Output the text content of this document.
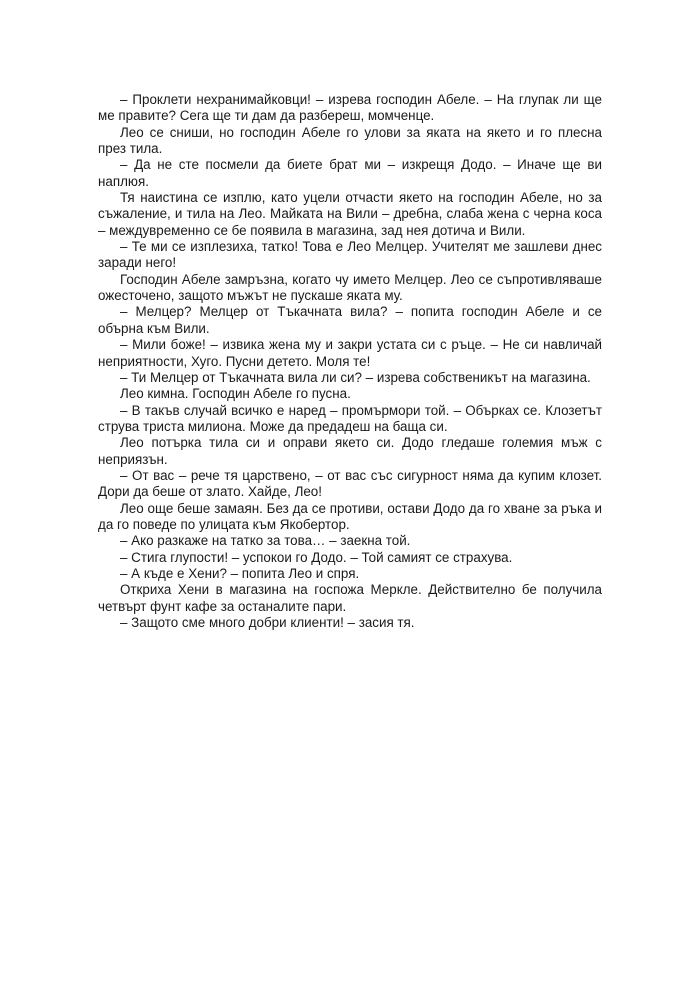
– Проклети нехранимайковци! – изрева господин Абеле. – На глупак ли ще ме правите? Сега ще ти дам да разбереш, момченце.

Лео се сниши, но господин Абеле го улови за яката на якето и го плесна през тила.

– Да не сте посмели да биете брат ми – изкрещя Додо. – Иначе ще ви наплюя.

Тя наистина се изплю, като уцели отчасти якето на господин Абеле, но за съжаление, и тила на Лео. Майката на Вили – дребна, слаба жена с черна коса – междувременно се бе появила в магазина, зад нея дотича и Вили.

– Те ми се изплезиха, татко! Това е Лео Мелцер. Учителят ме зашлеви днес заради него!

Господин Абеле замръзна, когато чу името Мелцер. Лео се съпротивляваше ожесточено, защото мъжът не пускаше яката му.

– Мелцер? Мелцер от Тъкачната вила? – попита господин Абеле и се обърна към Вили.

– Мили боже! – извика жена му и закри устата си с ръце. – Не си навличай неприятности, Хуго. Пусни детето. Моля те!

– Ти Мелцер от Тъкачната вила ли си? – изрева собственикът на магазина.

Лео кимна. Господин Абеле го пусна.

– В такъв случай всичко е наред – промърмори той. – Обърках се. Клозетът струва триста милиона. Може да предадеш на баща си.

Лео потърка тила си и оправи якето си. Додо гледаше големия мъж с неприязън.

– От вас – рече тя царствено, – от вас със сигурност няма да купим клозет. Дори да беше от злато. Хайде, Лео!

Лео още беше замаян. Без да се противи, остави Додо да го хване за ръка и да го поведе по улицата към Якобертор.

– Ако разкаже на татко за това… – заекна той.

– Стига глупости! – успокои го Додо. – Той самият се страхува.

– А къде е Хени? – попита Лео и спря.

Откриха Хени в магазина на госпожа Меркле. Действително бе получила четвърт фунт кафе за останалите пари.

– Защото сме много добри клиенти! – засия тя.
